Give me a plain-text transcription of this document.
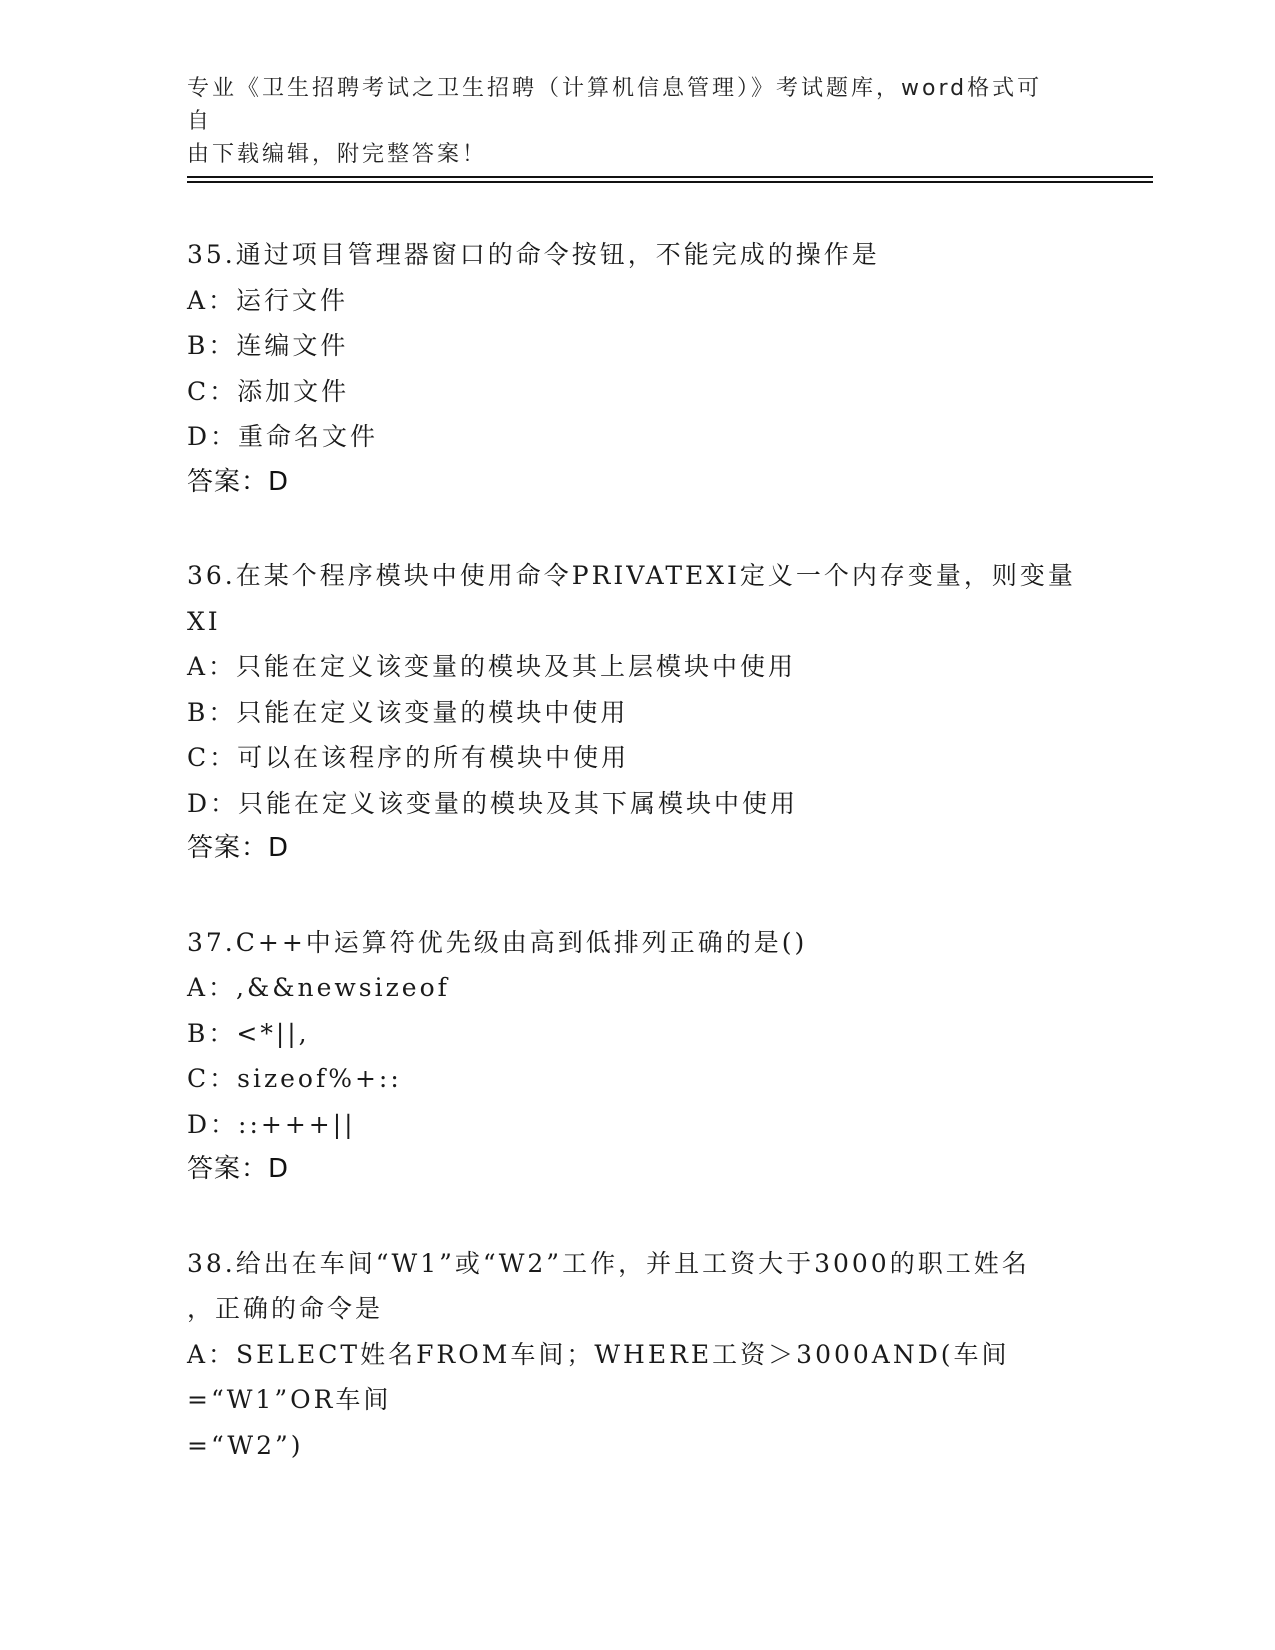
专业《卫生招聘考试之卫生招聘（计算机信息管理）》考试题库，word格式可自
由下载编辑，附完整答案！
35.通过项目管理器窗口的命令按钮，不能完成的操作是
A：运行文件
B：连编文件
C：添加文件
D：重命名文件
答案：D
36.在某个程序模块中使用命令PRIVATEXI定义一个内存变量，则变量
XI
A：只能在定义该变量的模块及其上层模块中使用
B：只能在定义该变量的模块中使用
C：可以在该程序的所有模块中使用
D：只能在定义该变量的模块及其下属模块中使用
答案：D
37.C++中运算符优先级由高到低排列正确的是()
A：,&&newsizeof
B：<*||,
C：sizeof%+::
D：::+++||
答案：D
38.给出在车间“W1”或“W2”工作，并且工资大于3000的职工姓名
，正确的命令是
A：SELECT姓名FROM车间；WHERE工资＞3000AND(车间=“W1”OR车间
=“W2”)
